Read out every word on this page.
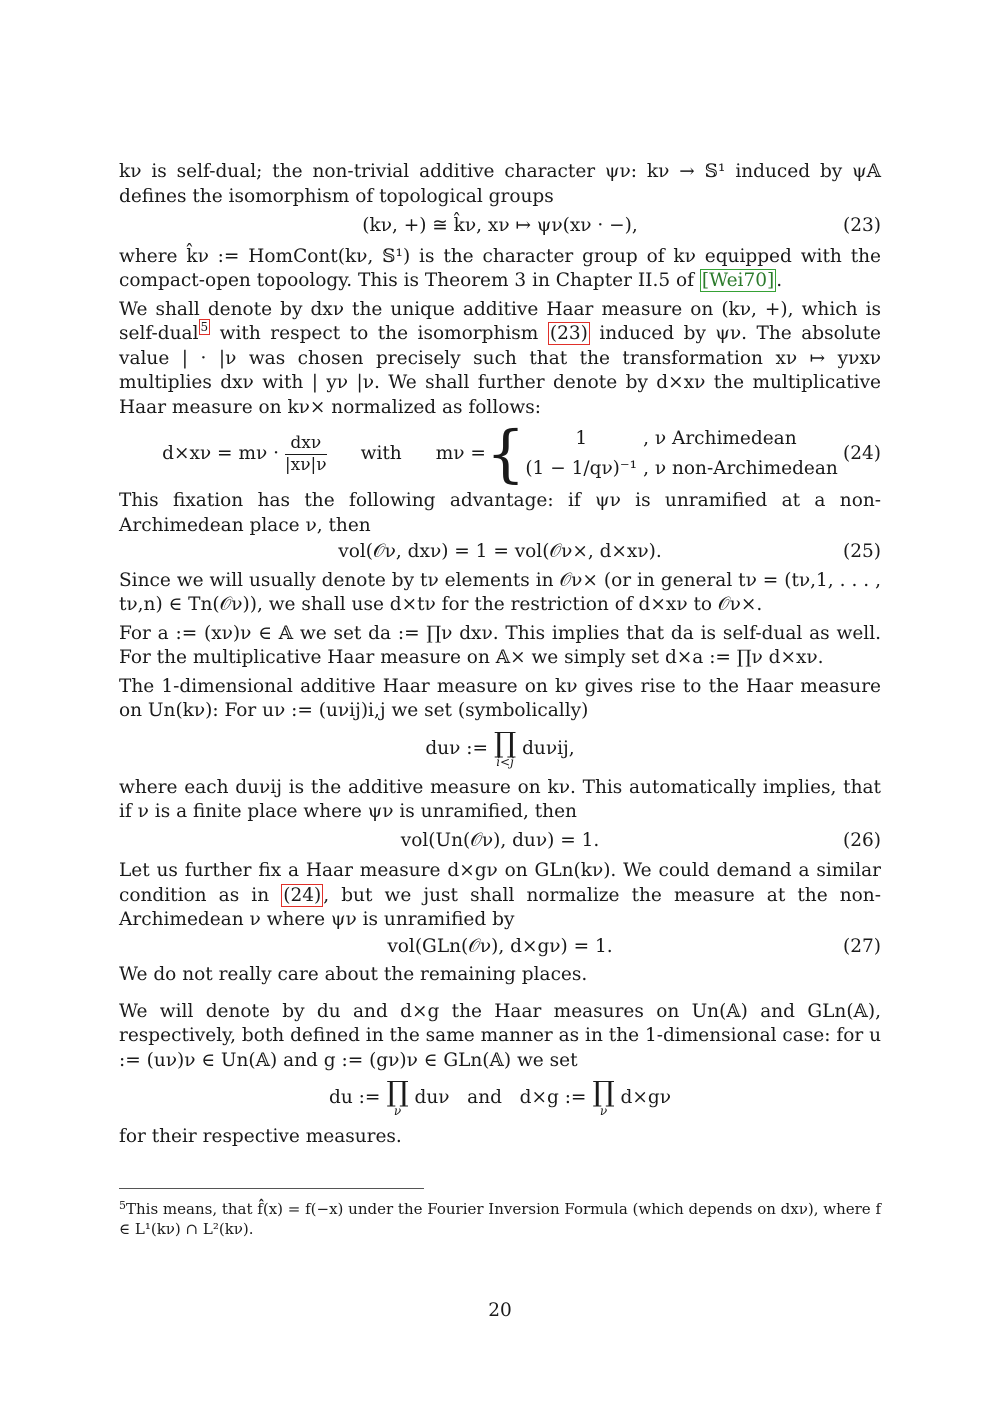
kν is self-dual; the non-trivial additive character ψν: kν → 𝕊¹ induced by ψ𝔸 defines the isomorphism of topological groups

(kν, +) ≅ k̂ν, xν ↦ ψν(xν · −),	(23)

where k̂ν := HomCont(kν, 𝕊¹) is the character group of kν equipped with the compact-open topoology. This is Theorem 3 in Chapter II.5 of [Wei70] .

We shall denote by dxν the unique additive Haar measure on (kν, +), which is self-dual $^5$ with respect to the isomorphism (23) induced by ψν. The absolute value | · |ν was chosen precisely such that the transformation xν ↦ yνxν multiplies dxν with | yν |ν. We shall further denote by d×xν the multiplicative Haar measure on kν× normalized as follows:

d×xν = mν ·
$\frac{\text{dxν}}{|x\nu|\nu}$ with mν = {	1
(1 − 1/qν)⁻¹
, ν Archimedean
, ν non-Archimedean
(24)

This fixation has the following advantage: if ψν is unramified at a non-Archimedean place ν, then

vol(𝒪ν, dxν) = 1 = vol(𝒪ν×, d×xν).	(25)

Since we will usually denote by tν elements in 𝒪ν× (or in general tν = (tν,1, . . . , tν,n) ∈ Tn(𝒪ν)), we shall use d×tν for the restriction of d×xν to 𝒪ν×.

For a := (xν)ν ∈ 𝔸 we set da := ∏ν dxν. This implies that da is self-dual as well. For the multiplicative Haar measure on 𝔸× we simply set d×a := ∏ν d×xν.

The 1-dimensional additive Haar measure on kν gives rise to the Haar measure on Un(kν): For uν := (uνij)i,j we set (symbolically)

duν := ∏
i<j
duνij,

where each duνij is the additive measure on kν. This automatically implies, that if ν is a finite place where ψν is unramified, then

vol(Un(𝒪ν), duν) = 1.	(26)

Let us further fix a Haar measure d×gν on GLn(kν). We could demand a similar condition as in (24) , but we just shall normalize the measure at the non-Archimedean ν where ψν is unramified by

vol(GLn(𝒪ν), d×gν) = 1.	(27)

We do not really care about the remaining places.

We will denote by du and d×g the Haar measures on Un(𝔸) and GLn(𝔸), respectively, both defined in the same manner as in the 1-dimensional case: for u := (uν)ν ∈ Un(𝔸) and g := (gν)ν ∈ GLn(𝔸) we set

du := ∏
ν
duν and d×g := ∏
ν
d×gν

for their respective measures.

$^5$This means, that f̂̂(x) = f(−x) under the Fourier Inversion Formula (which depends on dxν), where f ∈ L¹(kν) ∩ L²(kν).
20
